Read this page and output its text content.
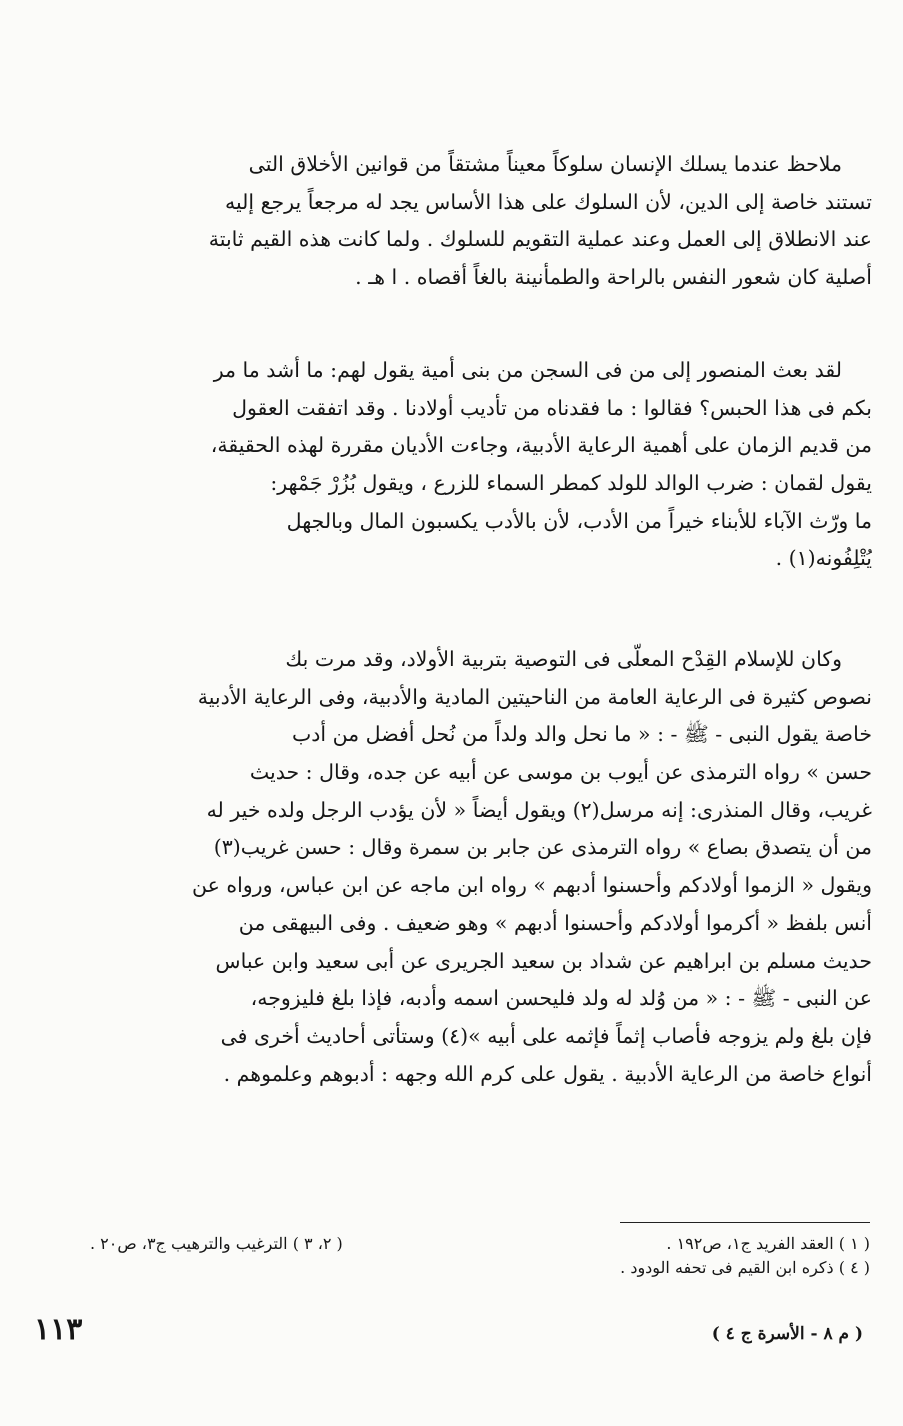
ملاحظ عندما يسلك الإنسان سلوكاً معيناً مشتقاً من قوانين الأخلاق التى
تستند خاصة إلى الدين، لأن السلوك على هذا الأساس يجد له مرجعاً يرجع إليه
عند الانطلاق إلى العمل وعند عملية التقويم للسلوك . ولما كانت هذه القيم ثابتة
أصلية كان شعور النفس بالراحة والطمأنينة بالغاً أقصاه . ا هـ .
لقد بعث المنصور إلى من فى السجن من بنى أمية يقول لهم: ما أشد ما مر
بكم فى هذا الحبس؟ فقالوا : ما فقدناه من تأديب أولادنا . وقد اتفقت العقول
من قديم الزمان على أهمية الرعاية الأدبية، وجاءت الأديان مقررة لهذه الحقيقة،
يقول لقمان : ضرب الوالد للولد كمطر السماء للزرع ، ويقول بُزُرْ جَمْهر:
ما ورّث الآباء للأبناء خيراً من الأدب، لأن بالأدب يكسبون المال وبالجهل
يُتْلِفُونه(١) .
وكان للإسلام القِدْح المعلّى فى التوصية بتربية الأولاد، وقد مرت بك
نصوص كثيرة فى الرعاية العامة من الناحيتين المادية والأدبية، وفى الرعاية الأدبية
خاصة يقول النبى - ﷺ - : « ما نحل والد ولداً من نُحل أفضل من أدب
حسن » رواه الترمذى عن أيوب بن موسى عن أبيه عن جده، وقال : حديث
غريب، وقال المنذرى: إنه مرسل(٢) ويقول أيضاً « لأن يؤدب الرجل ولده خير له
من أن يتصدق بصاع » رواه الترمذى عن جابر بن سمرة وقال : حسن غريب(٣)
ويقول « الزموا أولادكم وأحسنوا أدبهم » رواه ابن ماجه عن ابن عباس، ورواه عن
أنس بلفظ « أكرموا أولادكم وأحسنوا أدبهم » وهو ضعيف . وفى البيهقى من
حديث مسلم بن ابراهيم عن شداد بن سعيد الجريرى عن أبى سعيد وابن عباس
عن النبى - ﷺ - : « من وُلد له ولد فليحسن اسمه وأدبه، فإذا بلغ فليزوجه،
فإن بلغ ولم يزوجه فأصاب إثماً فإثمه على أبيه »(٤) وستأتى أحاديث أخرى فى
أنواع خاصة من الرعاية الأدبية . يقول على كرم الله وجهه : أدبوهم وعلموهم .
( ١ ) العقد الفريد ج١، ص١٩٢ .
( ٢، ٣ ) الترغيب والترهيب ج٣، ص٢٠ .
( ٤ ) ذكره ابن القيم فى تحفه الودود .
١١٣	( م ٨ - الأسرة ج ٤ )
